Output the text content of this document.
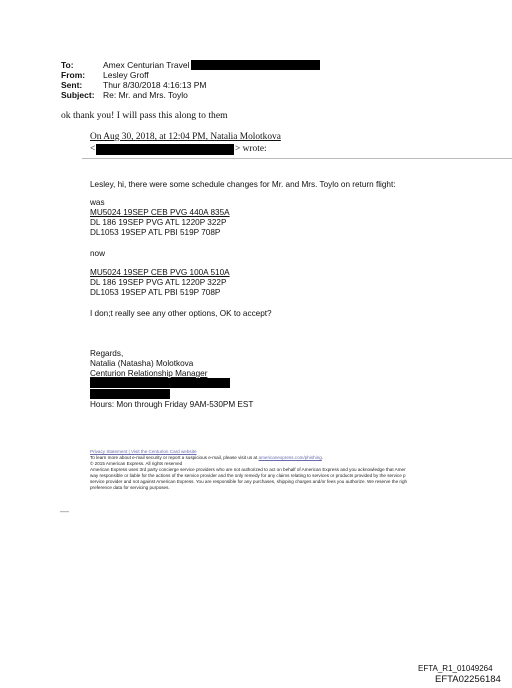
To:	Amex Centurian Travel
From: Lesley Groff
Sent: Thur 8/30/2018 4:16:13 PM
Subject: Re: Mr. and Mrs. Toylo
ok thank you! I will pass this along to them
On Aug 30, 2018, at 12:04 PM, Natalia Molotkova
<	> wrote:
Lesley, hi, there were some schedule changes for Mr. and Mrs. Toylo on return flight:
was
MU5024 19SEP CEB PVG 440A 835A
DL 186 19SEP PVG ATL 1220P 322P
DL1053 19SEP ATL PBI 519P 708P
now
MU5024 19SEP CEB PVG 100A 510A
DL 186 19SEP PVG ATL 1220P 322P
DL1053 19SEP ATL PBI 519P 708P
I don;t really see any other options, OK to accept?
Regards,
Natalia (Natasha) Molotkova
Centurion Relationship Manager
Hours: Mon through Friday 9AM-530PM EST
Privacy Statement | Visit the Centurion Card website
To learn more about e-mail security or report a suspicious e-mail, please visit us at americanexpress.com/phishing.
© 2015 American Express. All rights reserved
American Express uses 3rd party concierge service providers who are not authorized to act on behalf of American Express and you acknowledge that Amer
way responsible or liable for the actions of the service provider and the only remedy for any claims relating to services or products provided by the service p
service provider and not against American Express. You are responsible for any purchases, shipping charges and/or fees you authorize. We reserve the righ
preference data for servicing purposes.
—
EFTA_R1_01049264
EFTA02256184
